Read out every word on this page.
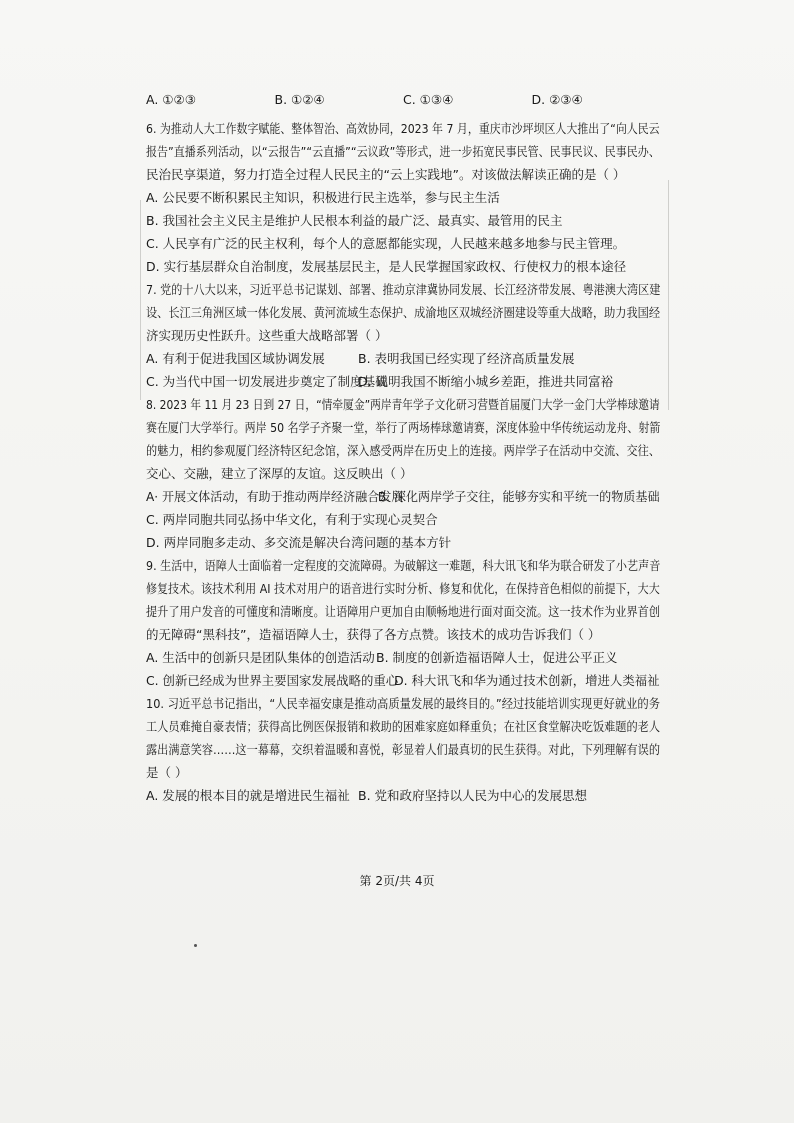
A. ①②③	B. ①②④	C. ①③④	D. ②③④
6. 为推动人大工作数字赋能、整体智治、高效协同，2023 年 7 月，重庆市沙坪坝区人大推出了“向人民云
报告”直播系列活动，以“云报告”“云直播”“云议政”等形式，进一步拓宽民事民管、民事民议、民事民办、
民治民享渠道，努力打造全过程人民民主的“云上实践地”。对该做法解读正确的是（ ）
A. 公民要不断积累民主知识，积极进行民主选举，参与民主生活
B. 我国社会主义民主是维护人民根本利益的最广泛、最真实、最管用的民主
C. 人民享有广泛的民主权利，每个人的意愿都能实现，人民越来越多地参与民主管理。
D. 实行基层群众自治制度，发展基层民主，是人民掌握国家政权、行使权力的根本途径
7. 党的十八大以来，习近平总书记谋划、部署、推动京津冀协同发展、长江经济带发展、粤港澳大湾区建
设、长江三角洲区域一体化发展、黄河流域生态保护、成渝地区双城经济圈建设等重大战略，助力我国经
济实现历史性跃升。这些重大战略部署（ ）
A. 有利于促进我国区域协调发展	B. 表明我国已经实现了经济高质量发展
C. 为当代中国一切发展进步奠定了制度基础
D. 说明我国不断缩小城乡差距，推进共同富裕
8. 2023 年 11 月 23 日到 27 日，“情牵厦金”两岸青年学子文化研习营暨首届厦门大学一金门大学棒球邀请
赛在厦门大学举行。两岸 50 名学子齐聚一堂，举行了两场棒球邀请赛，深度体验中华传统运动龙舟、射箭
的魅力，相约参观厦门经济特区纪念馆，深入感受两岸在历史上的连接。两岸学子在活动中交流、交往、
交心、交融，建立了深厚的友谊。这反映出（ ）
A· 开展文体活动，有助于推动两岸经济融合发展
B. 深化两岸学子交往，能够夯实和平统一的物质基础
C. 两岸同胞共同弘扬中华文化，有利于实现心灵契合
D. 两岸同胞多走动、多交流是解决台湾问题的基本方针
9. 生活中，语障人士面临着一定程度的交流障碍。为破解这一难题，科大讯飞和华为联合研发了小艺声音
修复技术。该技术利用 AI 技术对用户的语音进行实时分析、修复和优化，在保持音色相似的前提下，大大
提升了用户发音的可懂度和清晰度。让语障用户更加自由顺畅地进行面对面交流。这一技术作为业界首创
的无障碍“黑科技”，造福语障人士，获得了各方点赞。该技术的成功告诉我们（ ）
A. 生活中的创新只是团队集体的创造活动 B. 制度的创新造福语障人士，促进公平正义
C. 创新已经成为世界主要国家发展战略的重心
D. 科大讯飞和华为通过技术创新，增进人类福祉
10. 习近平总书记指出，“人民幸福安康是推动高质量发展的最终目的。”经过技能培训实现更好就业的务
工人员难掩自豪表情；获得高比例医保报销和救助的困难家庭如释重负；在社区食堂解决吃饭难题的老人
露出满意笑容……这一幕幕，交织着温暖和喜悦，彰显着人们最真切的民生获得。对此，下列理解有误的
是（ ）
A. 发展的根本目的就是增进民生福祉 B. 党和政府坚持以人民为中心的发展思想
第 2页/共 4页
